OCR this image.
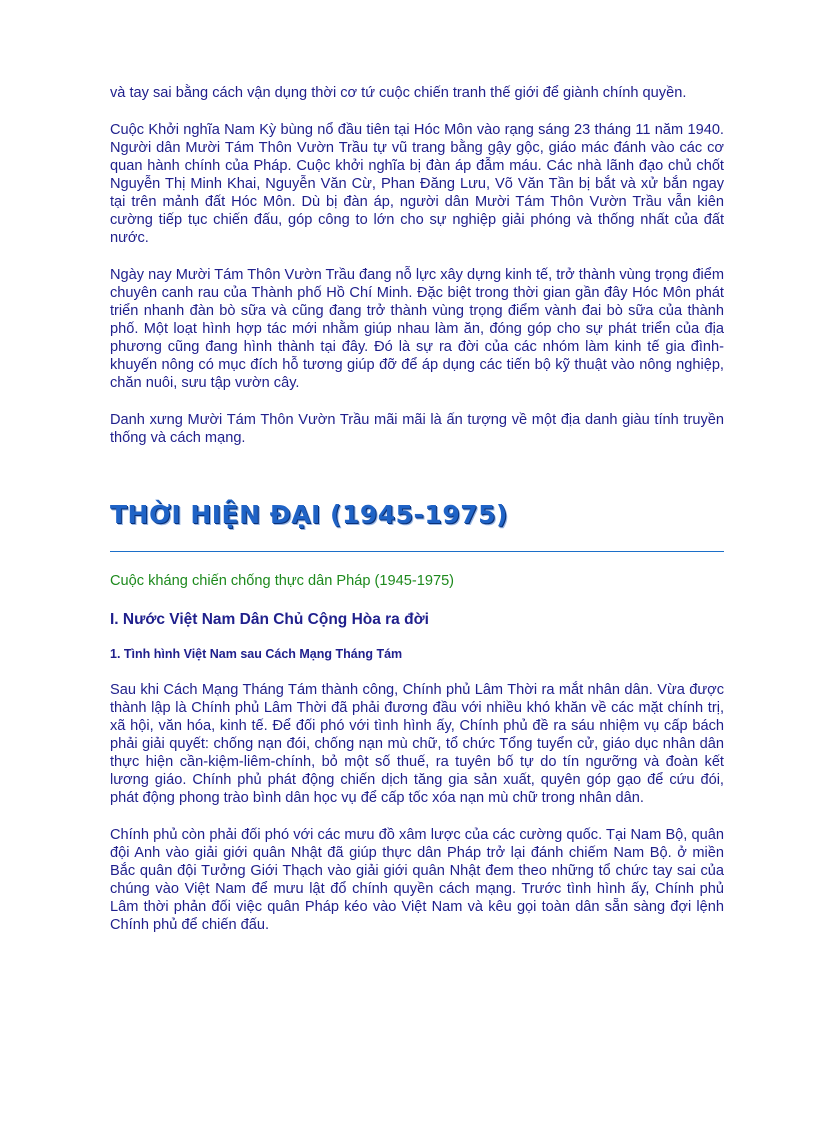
và tay sai bằng cách vận dụng thời cơ tứ cuộc chiến tranh thế giới để giành chính quyền.

Cuộc Khởi nghĩa Nam Kỳ bùng nổ đầu tiên tại Hóc Môn vào rạng sáng 23 tháng 11 năm 1940. Người dân Mười Tám Thôn Vườn Trầu tự vũ trang bằng gậy gộc, giáo mác đánh vào các cơ quan hành chính của Pháp. Cuộc khởi nghĩa bị đàn áp đẫm máu. Các nhà lãnh đạo chủ chốt Nguyễn Thị Minh Khai, Nguyễn Văn Cừ, Phan Đăng Lưu, Võ Văn Tần bị bắt và xử bắn ngay tại trên mảnh đất Hóc Môn. Dù bị đàn áp, người dân Mười Tám Thôn Vườn Trầu vẫn kiên cường tiếp tục chiến đấu, góp công to lớn cho sự nghiệp giải phóng và thống nhất của đất nước.

Ngày nay Mười Tám Thôn Vườn Trầu đang nỗ lực xây dựng kinh tế, trở thành vùng trọng điểm chuyên canh rau của Thành phố Hồ Chí Minh. Đặc biệt trong thời gian gần đây Hóc Môn phát triển nhanh đàn bò sữa và cũng đang trở thành vùng trọng điểm vành đai bò sữa của thành phố. Một loạt hình hợp tác mới nhằm giúp nhau làm ăn, đóng góp cho sự phát triển của địa phương cũng đang hình thành tại đây. Đó là sự ra đời của các nhóm làm kinh tế gia đình-khuyến nông có mục đích hỗ tương giúp đỡ để áp dụng các tiến bộ kỹ thuật vào nông nghiệp, chăn nuôi, sưu tập vườn cây.

Danh xưng Mười Tám Thôn Vườn Trầu mãi mãi là ấn tượng về một địa danh giàu tính truyền thống và cách mạng.

THỜI HIỆN ĐẠI (1945-1975)
Cuộc kháng chiến chống thực dân Pháp (1945-1975)
I. Nước Việt Nam Dân Chủ Cộng Hòa ra đời
1. Tình hình Việt Nam sau Cách Mạng Tháng Tám

Sau khi Cách Mạng Tháng Tám thành công, Chính phủ Lâm Thời ra mắt nhân dân. Vừa được thành lập là Chính phủ Lâm Thời đã phải đương đầu với nhiều khó khăn về các mặt chính trị, xã hội, văn hóa, kinh tế. Để đối phó với tình hình ấy, Chính phủ đề ra sáu nhiệm vụ cấp bách phải giải quyết: chống nạn đói, chống nạn mù chữ, tổ chức Tổng tuyển cử, giáo dục nhân dân thực hiện cần-kiệm-liêm-chính, bỏ một số thuế, ra tuyên bố tự do tín ngưỡng và đoàn kết lương giáo. Chính phủ phát động chiến dịch tăng gia sản xuất, quyên góp gạo để cứu đói, phát động phong trào bình dân học vụ để cấp tốc xóa nạn mù chữ trong nhân dân.

Chính phủ còn phải đối phó với các mưu đồ xâm lược của các cường quốc. Tại Nam Bộ, quân đội Anh vào giải giới quân Nhật đã giúp thực dân Pháp trở lại đánh chiếm Nam Bộ. ở miền Bắc quân đội Tưởng Giới Thạch vào giải giới quân Nhật đem theo những tổ chức tay sai của chúng vào Việt Nam để mưu lật đổ chính quyền cách mạng. Trước tình hình ấy, Chính phủ Lâm thời phản đối việc quân Pháp kéo vào Việt Nam và kêu gọi toàn dân sẵn sàng đợi lệnh Chính phủ để chiến đấu.
